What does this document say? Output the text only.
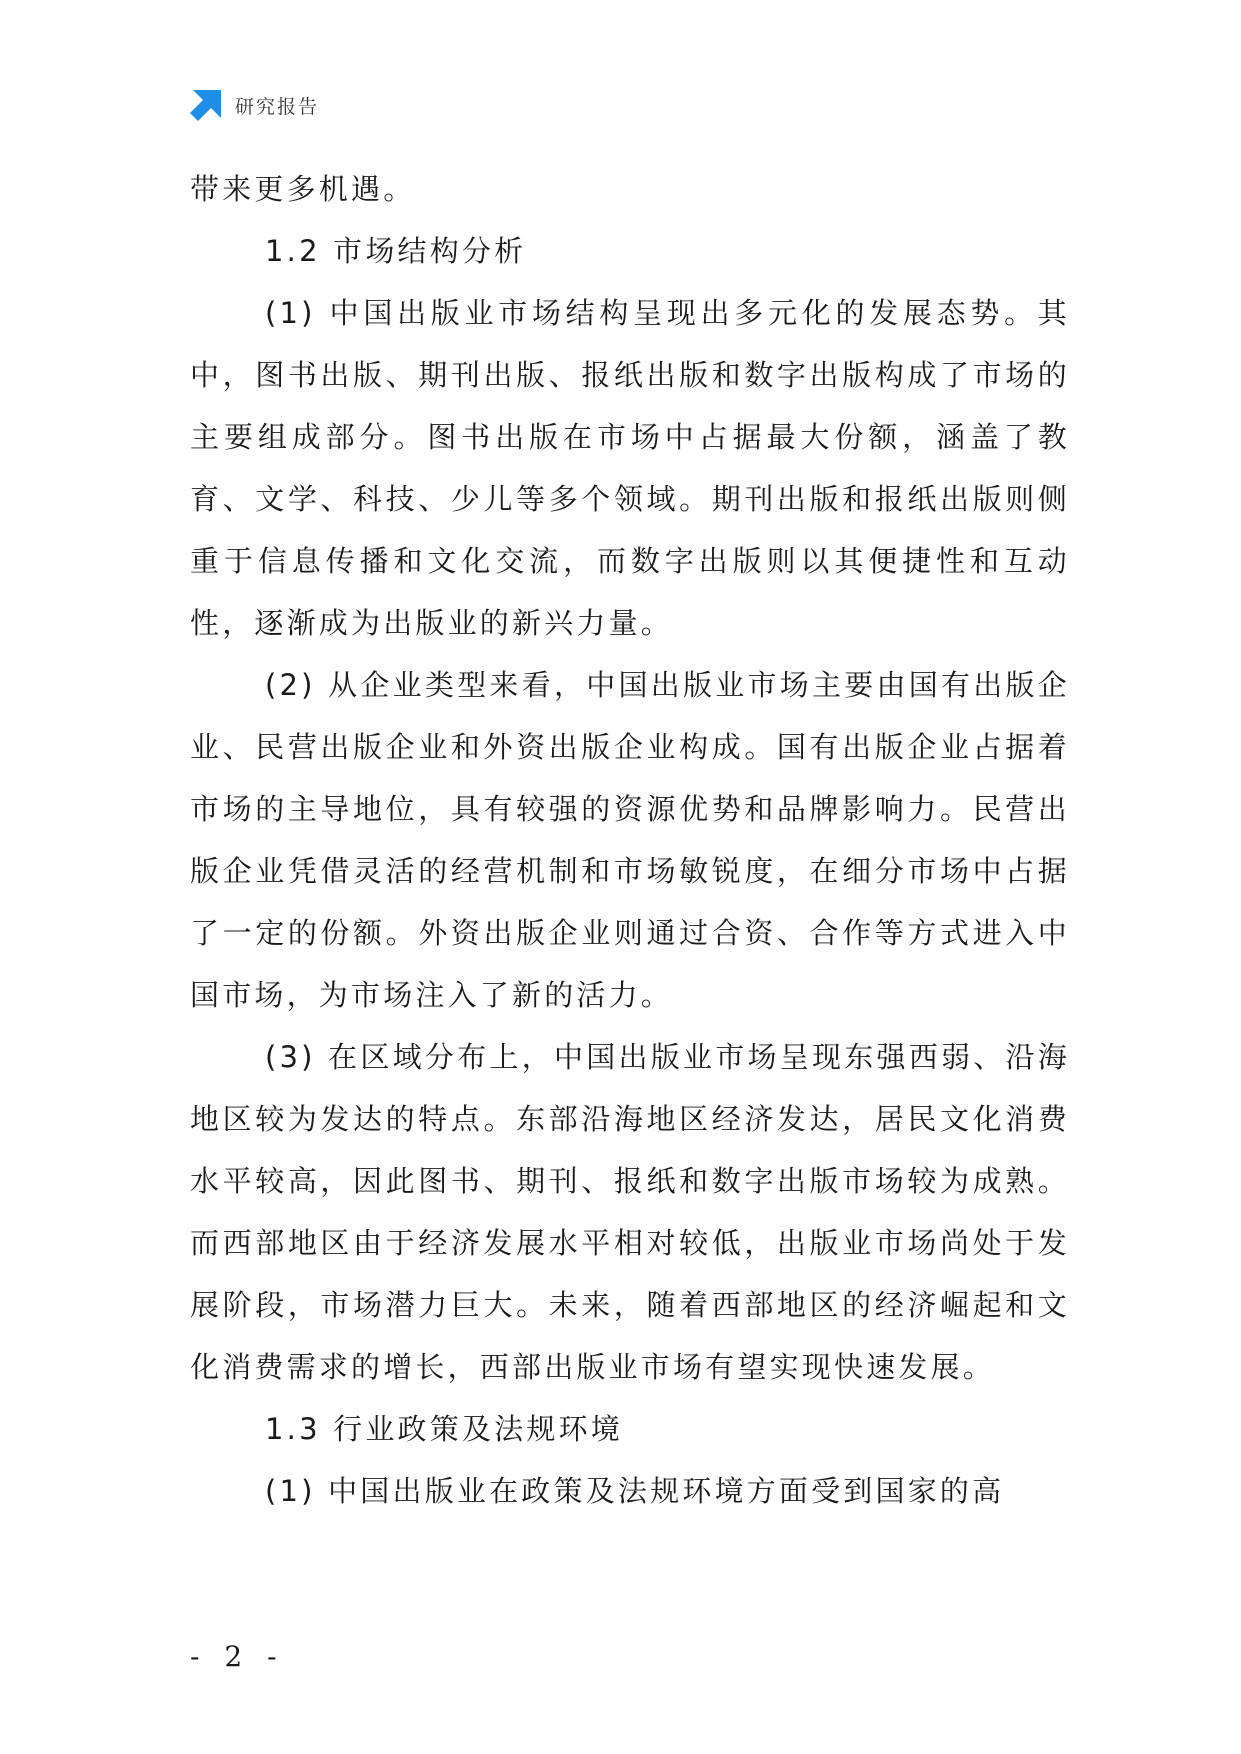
研究报告

带来更多机遇。

1.2 市场结构分析

(1) 中国出版业市场结构呈现出多元化的发展态势。其中，图书出版、期刊出版、报纸出版和数字出版构成了市场的主要组成部分。图书出版在市场中占据最大份额，涵盖了教育、文学、科技、少儿等多个领域。期刊出版和报纸出版则侧重于信息传播和文化交流，而数字出版则以其便捷性和互动性，逐渐成为出版业的新兴力量。

(2) 从企业类型来看，中国出版业市场主要由国有出版企业、民营出版企业和外资出版企业构成。国有出版企业占据着市场的主导地位，具有较强的资源优势和品牌影响力。民营出版企业凭借灵活的经营机制和市场敏锐度，在细分市场中占据了一定的份额。外资出版企业则通过合资、合作等方式进入中国市场，为市场注入了新的活力。

(3) 在区域分布上，中国出版业市场呈现东强西弱、沿海地区较为发达的特点。东部沿海地区经济发达，居民文化消费水平较高，因此图书、期刊、报纸和数字出版市场较为成熟。而西部地区由于经济发展水平相对较低，出版业市场尚处于发展阶段，市场潜力巨大。未来，随着西部地区的经济崛起和文化消费需求的增长，西部出版业市场有望实现快速发展。

1.3 行业政策及法规环境

(1) 中国出版业在政策及法规环境方面受到国家的高

- 2 -
